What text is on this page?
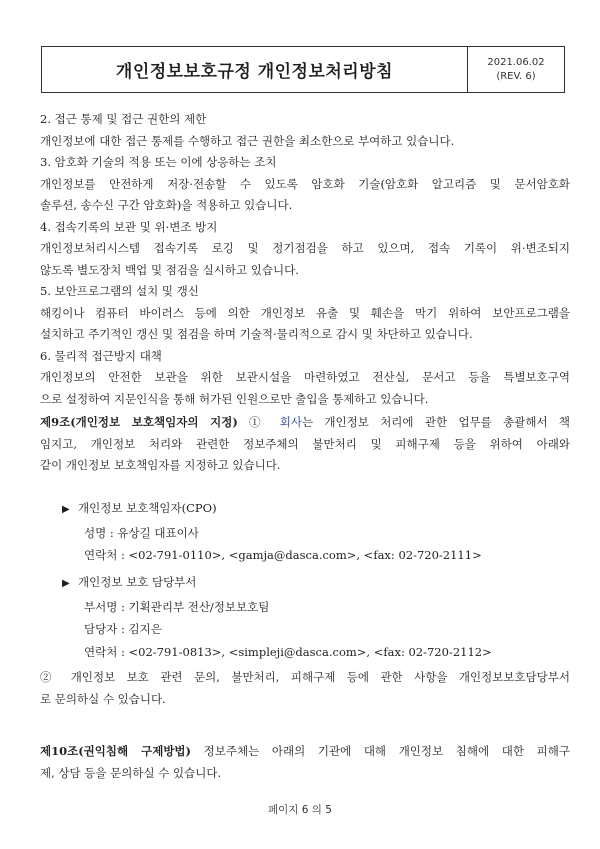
개인정보보호규정 개인정보처리방침	2021.06.02
(REV. 6)
2. 접근 통제 및 접근 권한의 제한
개인정보에 대한 접근 통제를 수행하고 접근 권한을 최소한으로 부여하고 있습니다.
3. 암호화 기술의 적용 또는 이에 상응하는 조치
개인정보를 안전하게 저장·전송할 수 있도록 암호화 기술(암호화 알고리즘 및 문서암호화
솔루션, 송수신 구간 암호화)을 적용하고 있습니다.
4. 접속기록의 보관 및 위·변조 방지
개인정보처리시스템 접속기록 로깅 및 정기점검을 하고 있으며, 접속 기록이 위·변조되지
않도록 별도장치 백업 및 점검을 실시하고 있습니다.
5. 보안프로그램의 설치 및 갱신
해킹이나 컴퓨터 바이러스 등에 의한 개인정보 유출 및 훼손을 막기 위하여 보안프로그램을
설치하고 주기적인 갱신 및 점검을 하며 기술적·물리적으로 감시 및 차단하고 있습니다.
6. 물리적 접근방지 대책
개인정보의 안전한 보관을 위한 보관시설을 마련하였고 전산실, 문서고 등을 특별보호구역
으로 설정하여 지문인식을 통해 허가된 인원으로만 출입을 통제하고 있습니다.
제9조(개인정보 보호책임자의 지정) ① 회사는 개인정보 처리에 관한 업무를 총괄해서 책
임지고, 개인정보 처리와 관련한 정보주체의 불만처리 및 피해구제 등을 위하여 아래와
같이 개인정보 보호책임자를 지정하고 있습니다.
▶ 개인정보 보호책임자(CPO)
성명 : 유상길 대표이사
연락처 : <02-791-0110>, <gamja@dasca.com>, <fax: 02-720-2111>
▶ 개인정보 보호 담당부서
부서명 : 기획관리부 전산/정보보호팀
담당자 : 김지은
연락처 : <02-791-0813>, <simpleji@dasca.com>, <fax: 02-720-2112>
② 개인정보 보호 관련 문의, 불만처리, 피해구제 등에 관한 사항을 개인정보보호담당부서
로 문의하실 수 있습니다.
제10조(권익침해 구제방법) 정보주체는 아래의 기관에 대해 개인정보 침해에 대한 피해구
제, 상담 등을 문의하실 수 있습니다.
페이지 6 의 5
